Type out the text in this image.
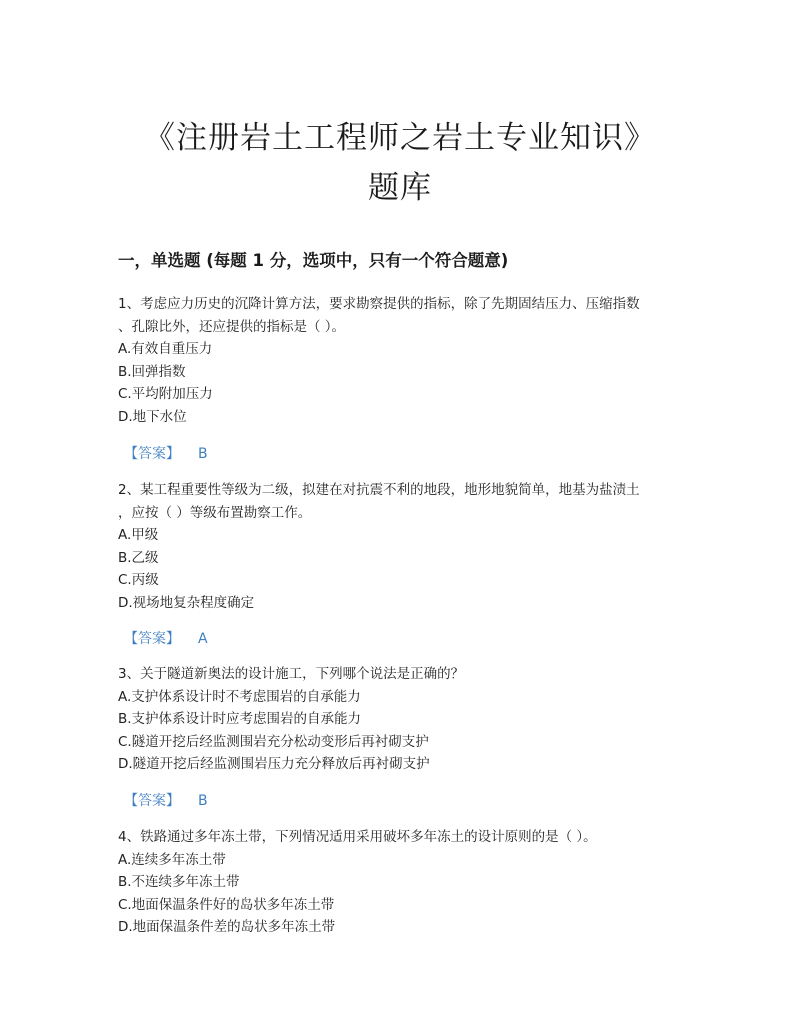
《注册岩土工程师之岩土专业知识》
题库
一，单选题 (每题 1 分，选项中，只有一个符合题意)

1、考虑应力历史的沉降计算方法，要求勘察提供的指标，除了先期固结压力、压缩指数

、孔隙比外，还应提供的指标是（ ）。

A.有效自重压力

B.回弹指数

C.平均附加压力

D.地下水位

【答案】 B

2、某工程重要性等级为二级，拟建在对抗震不利的地段，地形地貌简单，地基为盐渍土

，应按（ ）等级布置勘察工作。

A.甲级

B.乙级

C.丙级

D.视场地复杂程度确定

【答案】 A

3、关于隧道新奥法的设计施工，下列哪个说法是正确的？

A.支护体系设计时不考虑围岩的自承能力

B.支护体系设计时应考虑围岩的自承能力

C.隧道开挖后经监测围岩充分松动变形后再衬砌支护

D.隧道开挖后经监测围岩压力充分释放后再衬砌支护

【答案】 B

4、铁路通过多年冻土带，下列情况适用采用破坏多年冻土的设计原则的是（ ）。

A.连续多年冻土带

B.不连续多年冻土带

C.地面保温条件好的岛状多年冻土带

D.地面保温条件差的岛状多年冻土带
